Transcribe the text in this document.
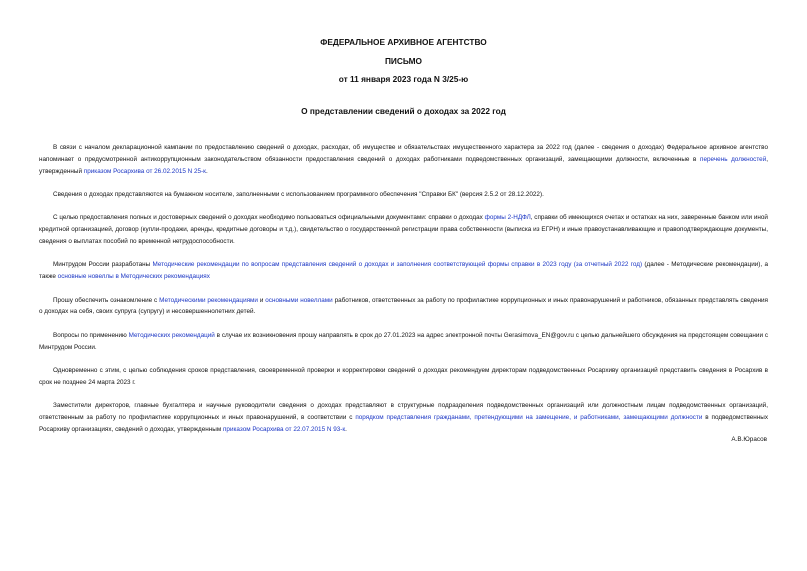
ФЕДЕРАЛЬНОЕ АРХИВНОЕ АГЕНТСТВО
ПИСЬМО
от 11 января 2023 года N 3/25-ю
О представлении сведений о доходах за 2022 год

В связи с началом декларационной кампании по предоставлению сведений о доходах, расходах, об имуществе и обязательствах имущественного характера за 2022 год (далее - сведения о доходах) Федеральное архивное агентство напоминает о предусмотренной антикоррупционным законодательством обязанности предоставления сведений о доходах работниками подведомственных организаций, замещающими должности, включенные в перечень должностей, утвержденный приказом Росархива от 26.02.2015 N 25-к.

Сведения о доходах представляются на бумажном носителе, заполненными с использованием программного обеспечения "Справки БК" (версия 2.5.2 от 28.12.2022).

С целью предоставления полных и достоверных сведений о доходах необходимо пользоваться официальными документами: справки о доходах формы 2-НДФЛ, справки об имеющихся счетах и остатках на них, заверенные банком или иной кредитной организацией, договор (купли-продажи, аренды, кредитные договоры и т.д.), свидетельство о государственной регистрации права собственности (выписка из ЕГРН) и иные правоустанавливающие и правоподтверждающие документы, сведения о выплатах пособий по временной нетрудоспособности.

Минтрудом России разработаны Методические рекомендации по вопросам представления сведений о доходах и заполнения соответствующей формы справки в 2023 году (за отчетный 2022 год) (далее - Методические рекомендации), а также основные новеллы в Методических рекомендациях

Прошу обеспечить ознакомление с Методическими рекомендациями и основными новеллами работников, ответственных за работу по профилактике коррупционных и иных правонарушений и работников, обязанных представлять сведения о доходах на себя, своих супруга (супругу) и несовершеннолетних детей.

Вопросы по применению Методических рекомендаций в случае их возникновения прошу направлять в срок до 27.01.2023 на адрес электронной почты Gerasimova_EN@gov.ru с целью дальнейшего обсуждения на предстоящем совещании с Минтрудом России.

Одновременно с этим, с целью соблюдения сроков представления, своевременной проверки и корректировки сведений о доходах рекомендуем директорам подведомственных Росархиву организаций представить сведения в Росархив в срок не позднее 24 марта 2023 г.

Заместители директоров, главные бухгалтера и научные руководители сведения о доходах представляют в структурные подразделения подведомственных организаций или должностным лицам подведомственных организаций, ответственным за работу по профилактике коррупционных и иных правонарушений, в соответствии с порядком представления гражданами, претендующими на замещение, и работниками, замещающими должности в подведомственных Росархиву организациях, сведений о доходах, утвержденным приказом Росархива от 22.07.2015 N 93-к.

А.В.Юрасов
